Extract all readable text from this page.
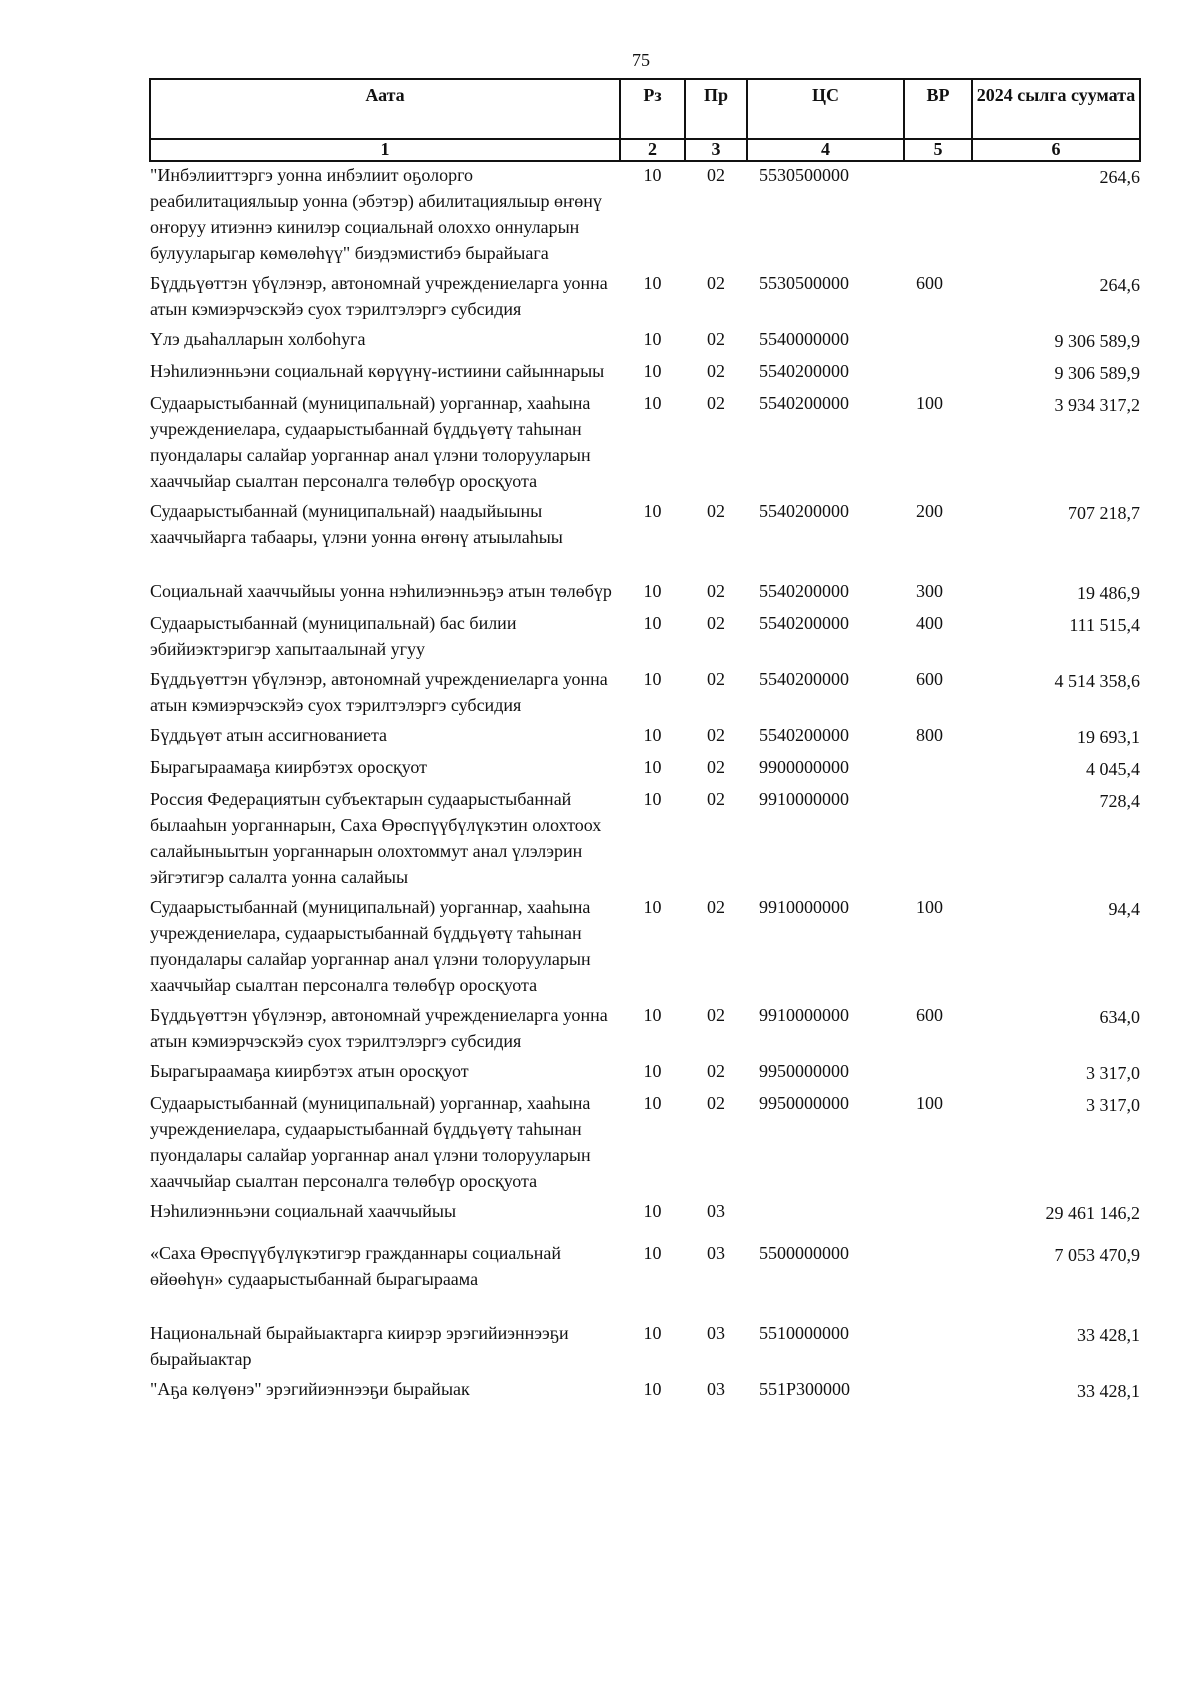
75
Аата	Рз	Пр	ЦС	ВР	2024 сылга суумата
1	2	3	4	5	6
"Инбэлииттэргэ уонна инбэлиит оҕолорго реабилитациялыыр уонна (эбэтэр) абилитациялыыр өҥөнү оҥоруу итиэннэ кинилэр социальнай олоххо оннуларын булууларыгар көмөлөһүү" биэдэмистибэ бырайыага	10	02	5530500000		264,6
Бүддьүөттэн үбүлэнэр, автономнай учреждениеларга уонна атын кэмиэрчэскэйэ суох тэрилтэлэргэ субсидия	10	02	5530500000	600	264,6
Үлэ дьаһалларын холбоһуга	10	02	5540000000		9 306 589,9
Нэһилиэнньэни социальнай көрүүнү-истиини сайыннарыы	10	02	5540200000		9 306 589,9
Судаарыстыбаннай (муниципальнай) уорганнар, хааһына учреждениелара, судаарыстыбаннай бүддьүөтү таһынан пуондалары салайар уорганнар анал үлэни толорууларын хааччыйар сыалтан персоналга төлөбүр оросқуота	10	02	5540200000	100	3 934 317,2
Судаарыстыбаннай (муниципальнай) наадыйыыны хааччыйарга табаары, үлэни уонна өҥөнү атыылаһыы	10	02	5540200000	200	707 218,7
Социальнай хааччыйыы уонна нэһилиэнньэҕэ атын төлөбүр	10	02	5540200000	300	19 486,9
Судаарыстыбаннай (муниципальнай) бас билии эбийиэктэригэр хапытаалынай угуу	10	02	5540200000	400	111 515,4
Бүддьүөттэн үбүлэнэр, автономнай учреждениеларга уонна атын кэмиэрчэскэйэ суох тэрилтэлэргэ субсидия	10	02	5540200000	600	4 514 358,6
Бүддьүөт атын ассигнованиета	10	02	5540200000	800	19 693,1
Бырагыраамаҕа киирбэтэх оросқуот	10	02	9900000000		4 045,4
Россия Федерациятын субъектарын судаарыстыбаннай былааһын уорганнарын, Саха Өрөспүүбүлүкэтин олохтоох салайыныытын уорганнарын олохтоммут анал үлэлэрин эйгэтигэр салалта уонна салайыы	10	02	9910000000		728,4
Судаарыстыбаннай (муниципальнай) уорганнар, хааһына учреждениелара, судаарыстыбаннай бүддьүөтү таһынан пуондалары салайар уорганнар анал үлэни толорууларын хааччыйар сыалтан персоналга төлөбүр оросқуота	10	02	9910000000	100	94,4
Бүддьүөттэн үбүлэнэр, автономнай учреждениеларга уонна атын кэмиэрчэскэйэ суох тэрилтэлэргэ субсидия	10	02	9910000000	600	634,0
Бырагыраамаҕа киирбэтэх атын оросқуот	10	02	9950000000		3 317,0
Судаарыстыбаннай (муниципальнай) уорганнар, хааһына учреждениелара, судаарыстыбаннай бүддьүөтү таһынан пуондалары салайар уорганнар анал үлэни толорууларын хааччыйар сыалтан персоналга төлөбүр оросқуота	10	02	9950000000	100	3 317,0
Нэһилиэнньэни социальнай хааччыйыы	10	03			29 461 146,2
«Саха Өрөспүүбүлүкэтигэр гражданнары социальнай өйөөһүн» судаарыстыбаннай бырагыраама	10	03	5500000000		7 053 470,9
Национальнай бырайыактарга киирэр эрэгийиэннээҕи бырайыактар	10	03	5510000000		33 428,1
"Аҕа көлүөнэ" эрэгийиэннээҕи бырайыак	10	03	551P300000		33 428,1
